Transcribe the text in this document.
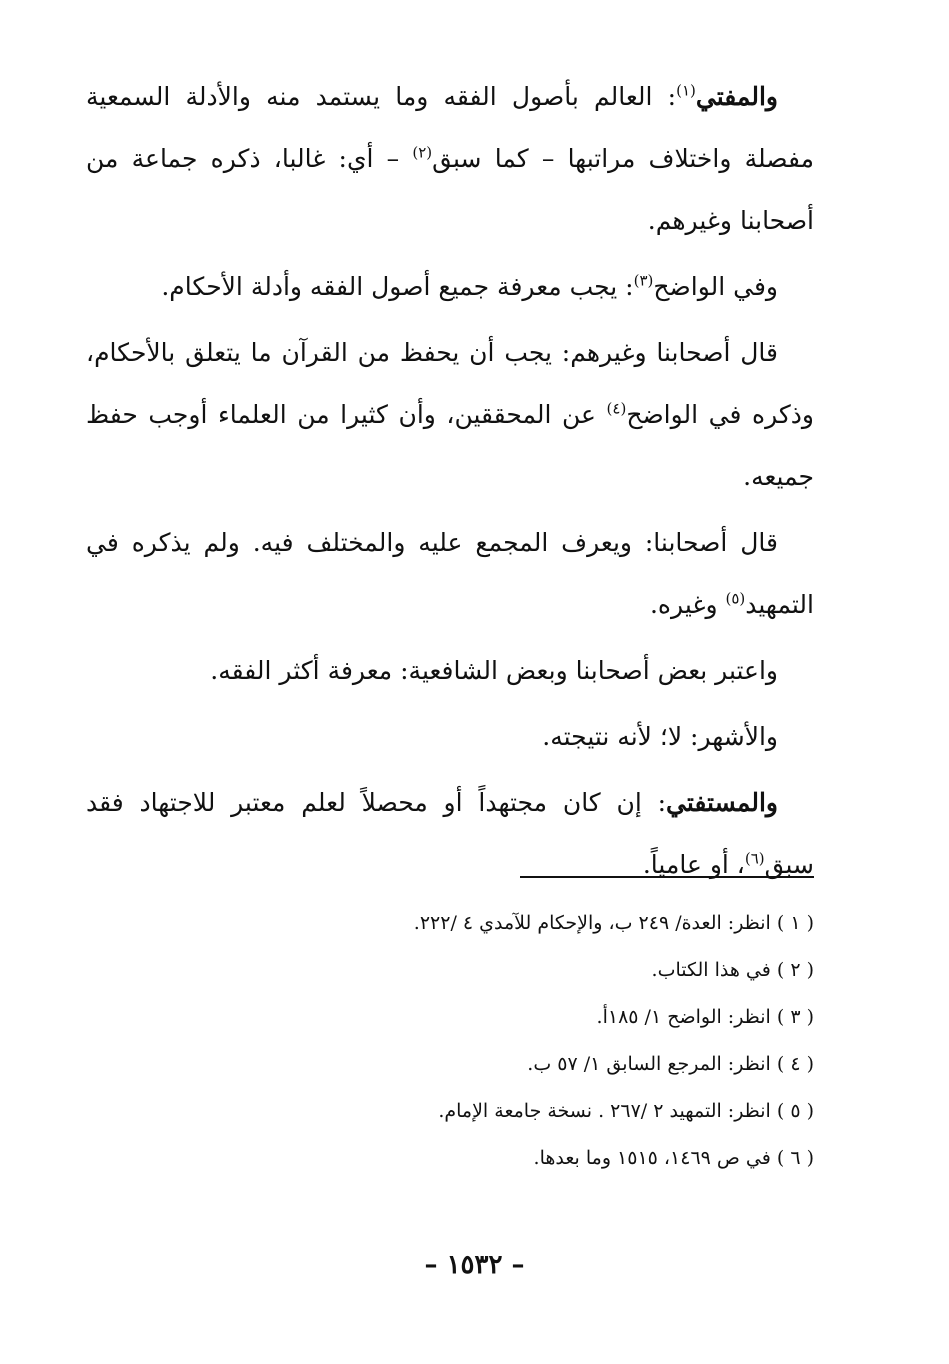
والمفتي$^{(١)}$: العالم بأصول الفقه وما يستمد منه والأدلة السمعية مفصلة واختلاف مراتبها – كما سبق$^{(٢)}$ – أي: غالبا، ذكره جماعة من أصحابنا وغيرهم.

وفي الواضح$^{(٣)}$: يجب معرفة جميع أصول الفقه وأدلة الأحكام.

قال أصحابنا وغيرهم: يجب أن يحفظ من القرآن ما يتعلق بالأحكام، وذكره في الواضح$^{(٤)}$ عن المحققين، وأن كثيرا من العلماء أوجب حفظ جميعه.

قال أصحابنا: ويعرف المجمع عليه والمختلف فيه. ولم يذكره في التمهيد$^{(٥)}$ وغيره.

واعتبر بعض أصحابنا وبعض الشافعية: معرفة أكثر الفقه.

والأشهر: لا؛ لأنه نتيجته.

والمستفتي: إن كان مجتهداً أو محصلاً لعلم معتبر للاجتهاد فقد سبق$^{(٦)}$، أو عامياً.

( ١ ) انظر: العدة/ ٢٤٩ ب، والإحكام للآمدي ٤ /٢٢٢.
( ٢ ) في هذا الكتاب.
( ٣ ) انظر: الواضح ١/ ١٨٥أ.
( ٤ ) انظر: المرجع السابق ١/ ٥٧ ب.
( ٥ ) انظر: التمهيد ٢ /٢٦٧ . نسخة جامعة الإمام.
( ٦ ) في ص ١٤٦٩، ١٥١٥ وما بعدها.
– ١٥٣٢ –
